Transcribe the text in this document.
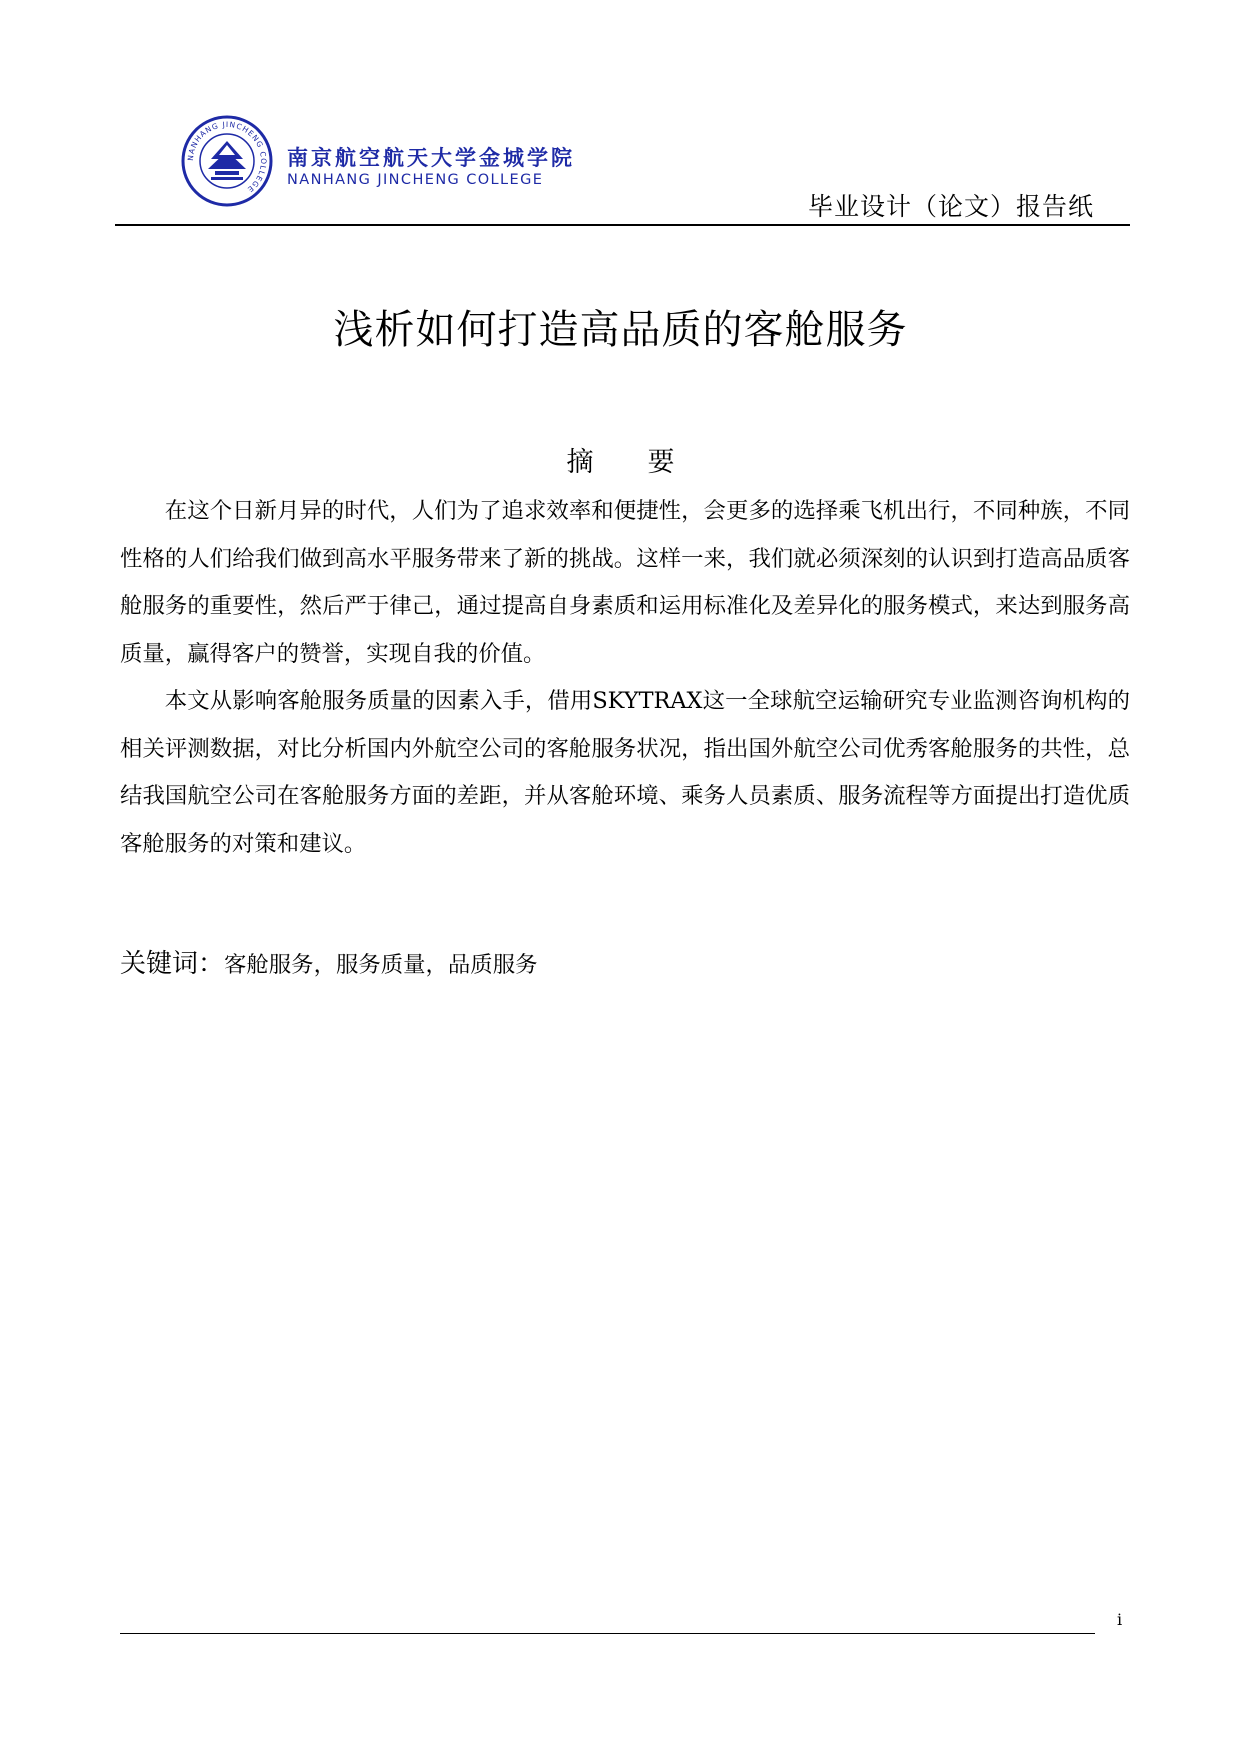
NANHANG JINCHENG COLLEGE
南京航空航天大学金城学院
NANHANG JINCHENG COLLEGE
毕业设计（论文）报告纸
浅析如何打造高品质的客舱服务
摘　　要

在这个日新月异的时代，人们为了追求效率和便捷性，会更多的选择乘飞机出行，不同种族，不同性格的人们给我们做到高水平服务带来了新的挑战。这样一来，我们就必须深刻的认识到打造高品质客舱服务的重要性，然后严于律己，通过提高自身素质和运用标准化及差异化的服务模式，来达到服务高质量，赢得客户的赞誉，实现自我的价值。

本文从影响客舱服务质量的因素入手，借用SKYTRAX这一全球航空运输研究专业监测咨询机构的相关评测数据，对比分析国内外航空公司的客舱服务状况，指出国外航空公司优秀客舱服务的共性，总结我国航空公司在客舱服务方面的差距，并从客舱环境、乘务人员素质、服务流程等方面提出打造优质客舱服务的对策和建议。

关键词：客舱服务，服务质量，品质服务
i
